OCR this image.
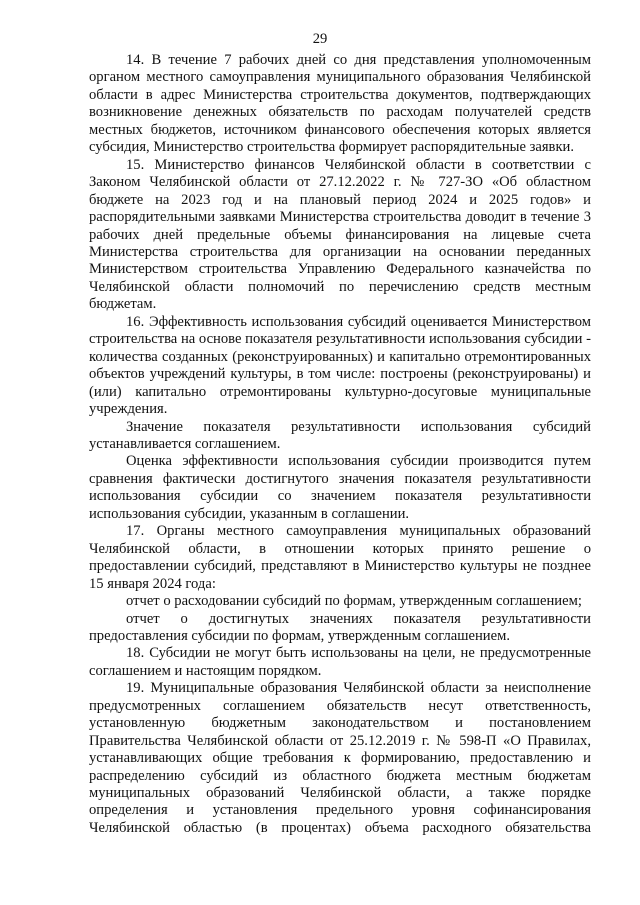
29

14. В течение 7 рабочих дней со дня представления уполномоченным органом местного самоуправления муниципального образования Челябинской области в адрес Министерства строительства документов, подтверждающих возникновение денежных обязательств по расходам получателей средств местных бюджетов, источником финансового обеспечения которых является субсидия, Министерство строительства формирует распорядительные заявки.

15. Министерство финансов Челябинской области в соответствии с Законом Челябинской области от 27.12.2022 г. № 727-ЗО «Об областном бюджете на 2023 год и на плановый период 2024 и 2025 годов» и распорядительными заявками Министерства строительства доводит в течение 3 рабочих дней предельные объемы финансирования на лицевые счета Министерства строительства для организации на основании переданных Министерством строительства Управлению Федерального казначейства по Челябинской области полномочий по перечислению средств местным бюджетам.

16. Эффективность использования субсидий оценивается Министерством строительства на основе показателя результативности использования субсидии - количества созданных (реконструированных) и капитально отремонтированных объектов учреждений культуры, в том числе: построены (реконструированы) и (или) капитально отремонтированы культурно-досуговые муниципальные учреждения.

Значение показателя результативности использования субсидий устанавливается соглашением.

Оценка эффективности использования субсидии производится путем сравнения фактически достигнутого значения показателя результативности использования субсидии со значением показателя результативности использования субсидии, указанным в соглашении.

17. Органы местного самоуправления муниципальных образований Челябинской области, в отношении которых принято решение о предоставлении субсидий, представляют в Министерство культуры не позднее 15 января 2024 года:

отчет о расходовании субсидий по формам, утвержденным соглашением;

отчет о достигнутых значениях показателя результативности предоставления субсидии по формам, утвержденным соглашением.

18. Субсидии не могут быть использованы на цели, не предусмотренные соглашением и настоящим порядком.

19. Муниципальные образования Челябинской области за неисполнение предусмотренных соглашением обязательств несут ответственность, установленную бюджетным законодательством и постановлением Правительства Челябинской области от 25.12.2019 г. № 598-П «О Правилах, устанавливающих общие требования к формированию, предоставлению и распределению субсидий из областного бюджета местным бюджетам муниципальных образований Челябинской области, а также порядке определения и установления предельного уровня софинансирования Челябинской областью (в процентах) объема расходного обязательства
